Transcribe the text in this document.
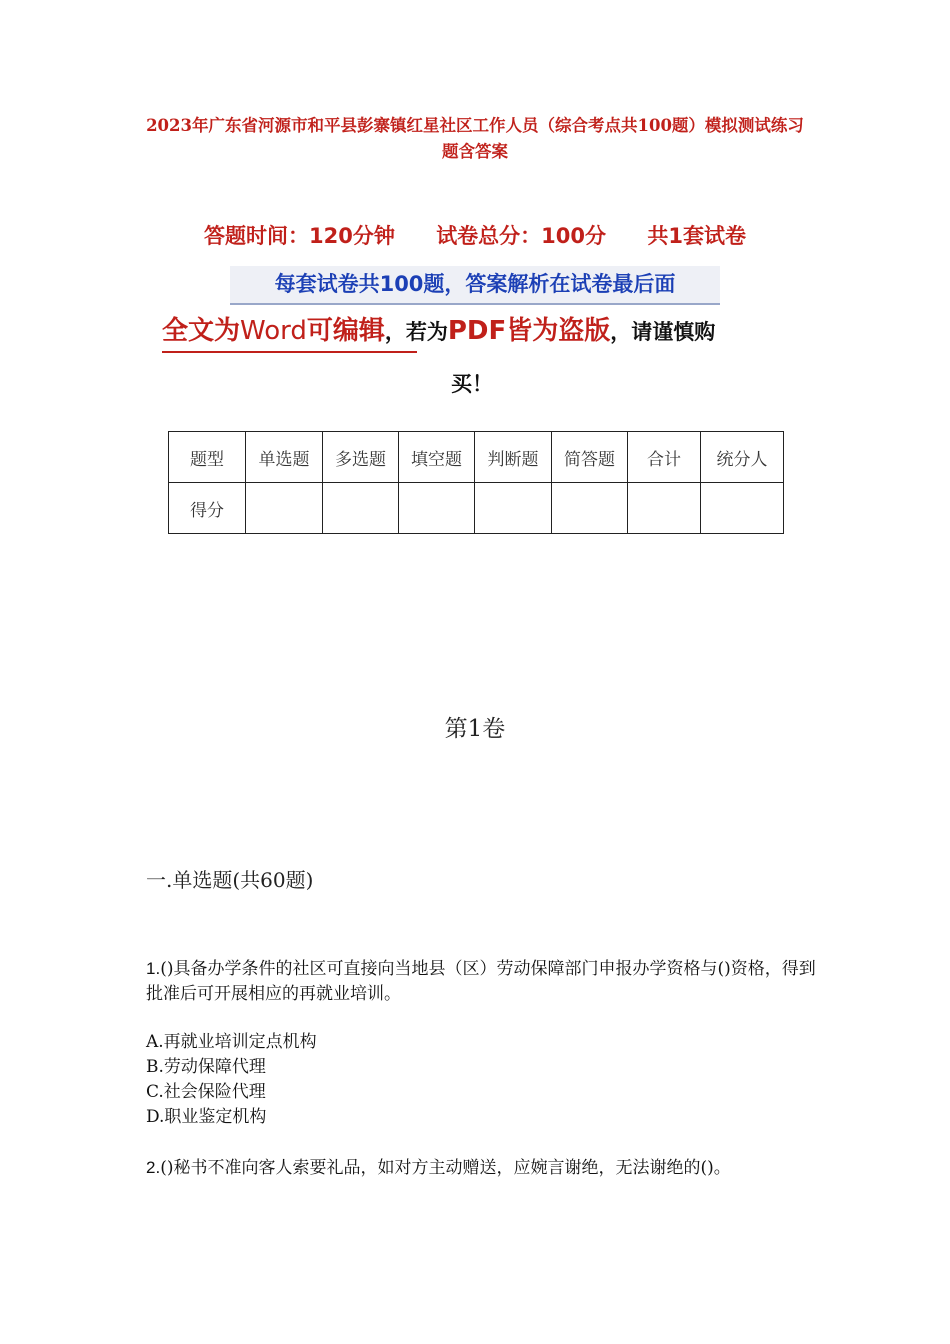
2023年广东省河源市和平县彭寨镇红星社区工作人员（综合考点共100题）模拟测试练习题含答案
答题时间：120分钟 试卷总分：100分 共1套试卷
每套试卷共100题，答案解析在试卷最后面
全文为Word可编辑，若为PDF皆为盗版，请谨慎购
买！
题型	单选题	多选题	填空题	判断题	简答题	合计	统分人
得分							
第1卷
一.单选题(共60题)
1.()具备办学条件的社区可直接向当地县（区）劳动保障部门申报办学资格与()资格，得到批准后可开展相应的再就业培训。
A.再就业培训定点机构
B.劳动保障代理
C.社会保险代理
D.职业鉴定机构
2.()秘书不准向客人索要礼品，如对方主动赠送，应婉言谢绝，无法谢绝的()。
